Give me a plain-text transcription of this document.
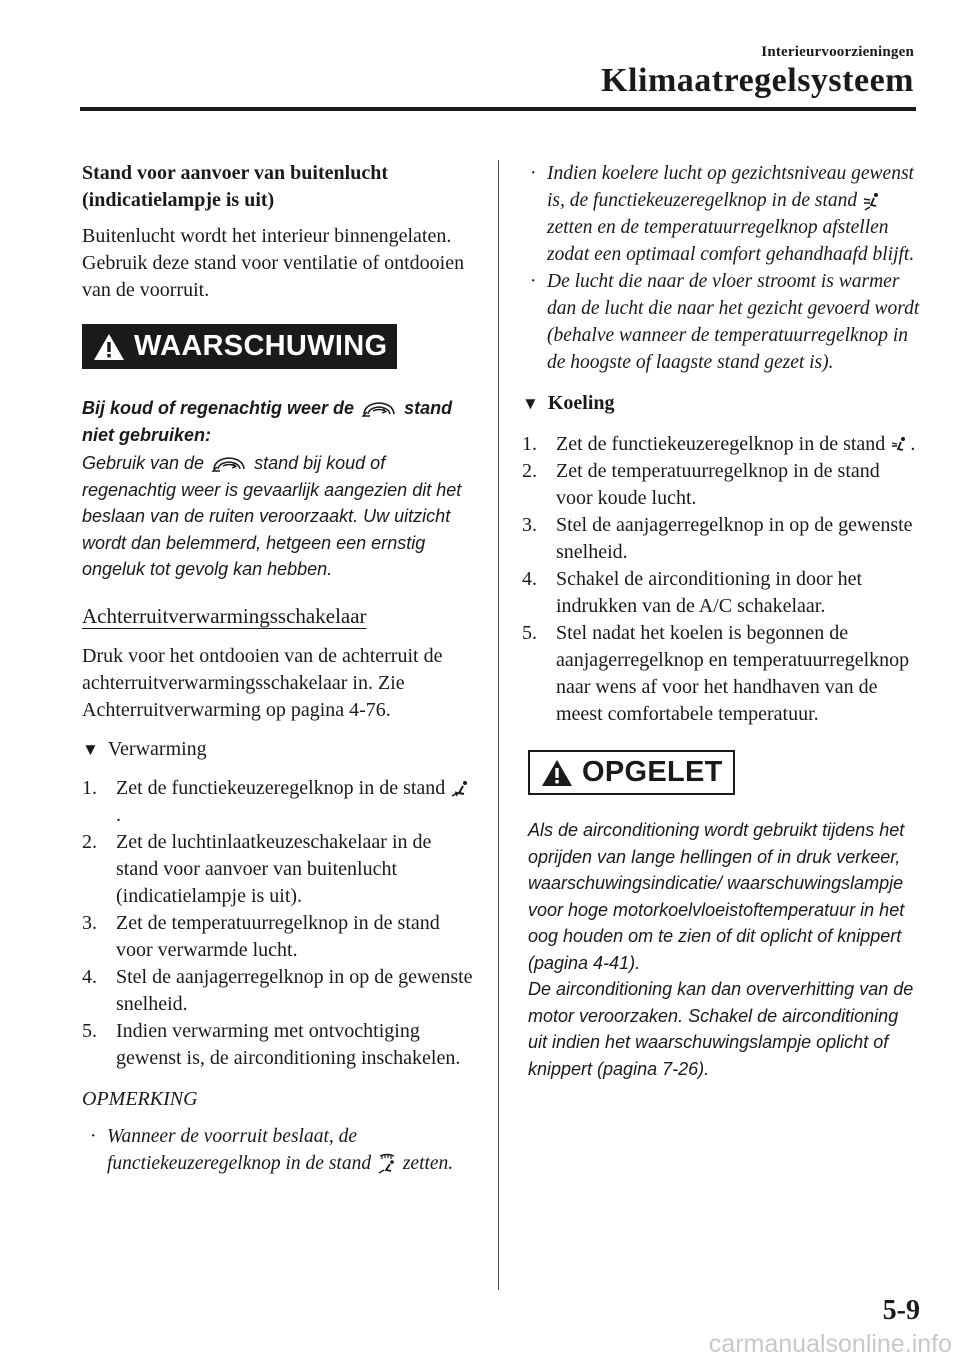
Interieurvoorzieningen
Klimaatregelsysteem

Stand voor aanvoer van buitenlucht
(indicatielampje is uit)

Buitenlucht wordt het interieur binnengelaten. Gebruik deze stand voor ventilatie of ontdooien van de voorruit.

WAARSCHUWING

Bij koud of regenachtig weer de	stand niet gebruiken:

Gebruik van de	stand bij koud of regenachtig weer is gevaarlijk aangezien dit het beslaan van de ruiten veroorzaakt. Uw uitzicht wordt dan belemmerd, hetgeen een ernstig ongeluk tot gevolg kan hebben.

Achterruitverwarmingsschakelaar

Druk voor het ontdooien van de achterruit de achterruitverwarmingsschakelaar in. Zie Achterruitverwarming op pagina 4-76.

▼ Verwarming
1. Zet de functiekeuzeregelknop in de stand .
2. Zet de luchtinlaatkeuzeschakelaar in de stand voor aanvoer van buitenlucht (indicatielampje is uit).
3. Zet de temperatuurregelknop in de stand voor verwarmde lucht.
4. Stel de aanjagerregelknop in op de gewenste snelheid.
5. Indien verwarming met ontvochtiging gewenst is, de airconditioning inschakelen.

OPMERKING

· Wanneer de voorruit beslaat, de functiekeuzeregelknop in de stand zetten.
· Indien koelere lucht op gezichtsniveau gewenst is, de functiekeuzeregelknop in de stand  zetten en de temperatuurregelknop afstellen zodat een optimaal comfort gehandhaafd blijft.
· De lucht die naar de vloer stroomt is warmer dan de lucht die naar het gezicht gevoerd wordt (behalve wanneer de temperatuurregelknop in de hoogste of laagste stand gezet is).
▼ Koeling
1. Zet de functiekeuzeregelknop in de stand .
2. Zet de temperatuurregelknop in de stand voor koude lucht.
3. Stel de aanjagerregelknop in op de gewenste snelheid.
4. Schakel de airconditioning in door het indrukken van de A/C schakelaar.
5. Stel nadat het koelen is begonnen de aanjagerregelknop en temperatuurregelknop naar wens af voor het handhaven van de meest comfortabele temperatuur.
OPGELET

Als de airconditioning wordt gebruikt tijdens het oprijden van lange hellingen of in druk verkeer, waarschuwingsindicatie/ waarschuwingslampje voor hoge motorkoelvloeistoftemperatuur in het oog houden om te zien of dit oplicht of knippert (pagina 4-41).

De airconditioning kan dan oververhitting van de motor veroorzaken. Schakel de airconditioning uit indien het waarschuwingslampje oplicht of knippert (pagina 7-26).

5-9
carmanualsonline.info
